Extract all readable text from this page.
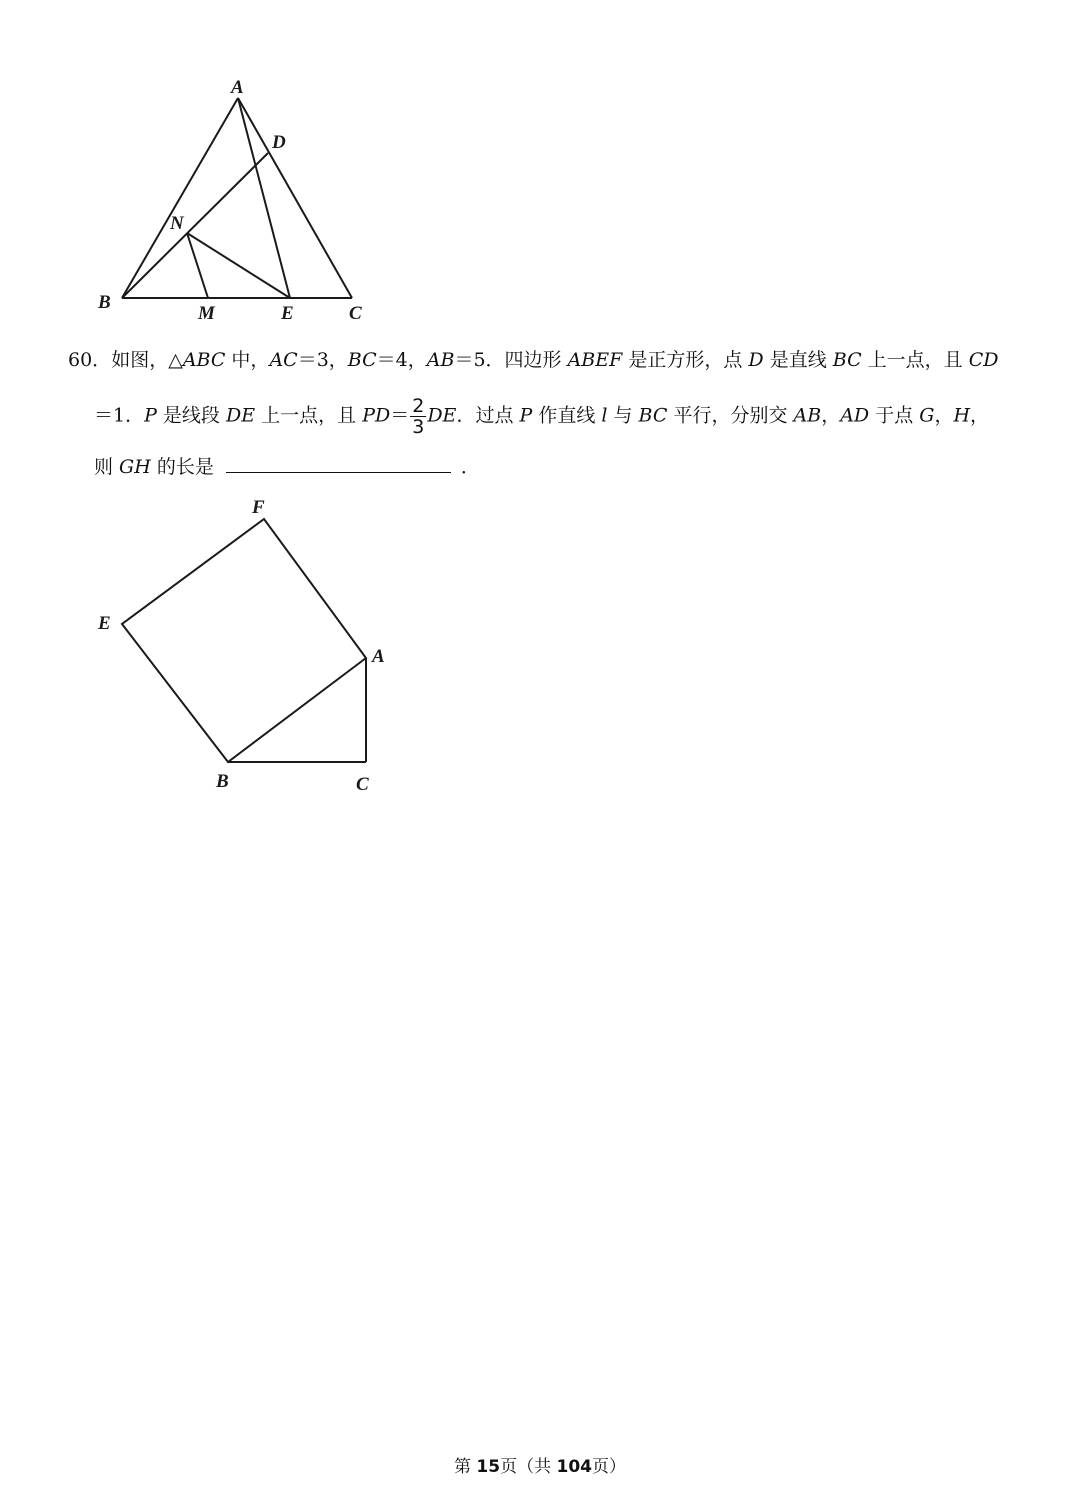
A
D
N
B
M	E	C
60．如图，△ABC 中，AC＝3，BC＝4，AB＝5．四边形 ABEF 是正方形，点 D 是直线 BC 上一点，且 CD
＝1．P 是线段 DE 上一点，且 $PD= \frac{2}{3}$ DE．过点 P 作直线 l 与 BC 平行，分别交 AB，AD 于点 G，H，
则 GH 的长是	．
F
E
A
B	C
第 15页（共 104页）
